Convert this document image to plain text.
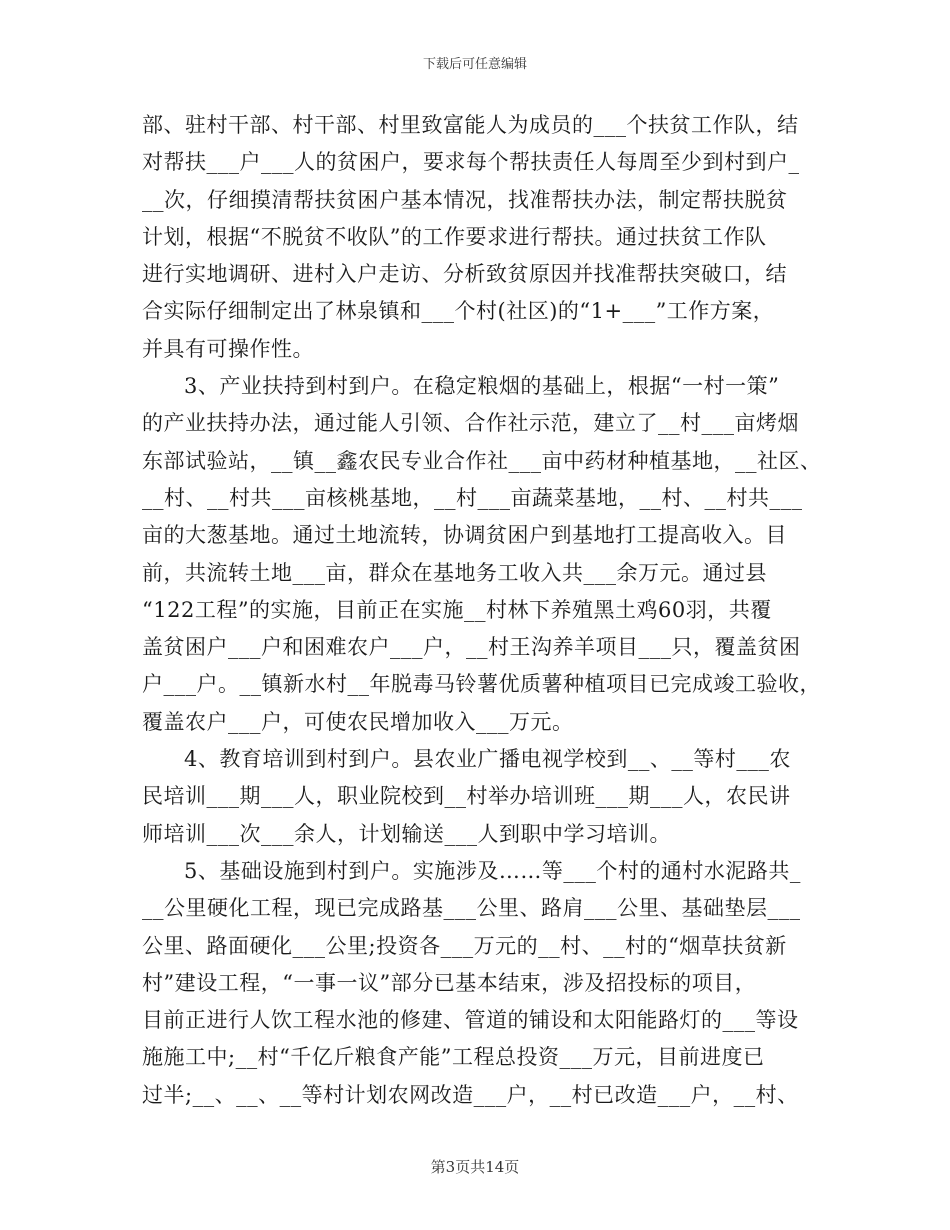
下载后可任意编辑
部、驻村干部、村干部、村里致富能人为成员的___个扶贫工作队，结
对帮扶___户___人的贫困户，要求每个帮扶责任人每周至少到村到户_
__次，仔细摸清帮扶贫困户基本情况，找准帮扶办法，制定帮扶脱贫
计划，根据“不脱贫不收队”的工作要求进行帮扶。通过扶贫工作队
进行实地调研、进村入户走访、分析致贫原因并找准帮扶突破口，结
合实际仔细制定出了林泉镇和___个村(社区)的“1+___”工作方案，
并具有可操作性。
3、产业扶持到村到户。在稳定粮烟的基础上，根据“一村一策”
的产业扶持办法，通过能人引领、合作社示范，建立了__村___亩烤烟
东部试验站，__镇__鑫农民专业合作社___亩中药材种植基地，__社区、
__村、__村共___亩核桃基地，__村___亩蔬菜基地，__村、__村共___
亩的大葱基地。通过土地流转，协调贫困户到基地打工提高收入。目
前，共流转土地___亩，群众在基地务工收入共___余万元。通过县
“122工程”的实施，目前正在实施__村林下养殖黑土鸡60羽，共覆
盖贫困户___户和困难农户___户，__村王沟养羊项目___只，覆盖贫困
户___户。__镇新水村__年脱毒马铃薯优质薯种植项目已完成竣工验收，
覆盖农户___户，可使农民增加收入___万元。
4、教育培训到村到户。县农业广播电视学校到__、__等村___农
民培训___期___人，职业院校到__村举办培训班___期___人，农民讲
师培训___次___余人，计划输送___人到职中学习培训。
5、基础设施到村到户。实施涉及……等___个村的通村水泥路共_
__公里硬化工程，现已完成路基___公里、路肩___公里、基础垫层___
公里、路面硬化___公里;投资各___万元的__村、__村的“烟草扶贫新
村”建设工程，“一事一议”部分已基本结束，涉及招投标的项目，
目前正进行人饮工程水池的修建、管道的铺设和太阳能路灯的___等设
施施工中;__村“千亿斤粮食产能”工程总投资___万元，目前进度已
过半;__、__、__等村计划农网改造___户，__村已改造___户，__村、
第3页共14页
